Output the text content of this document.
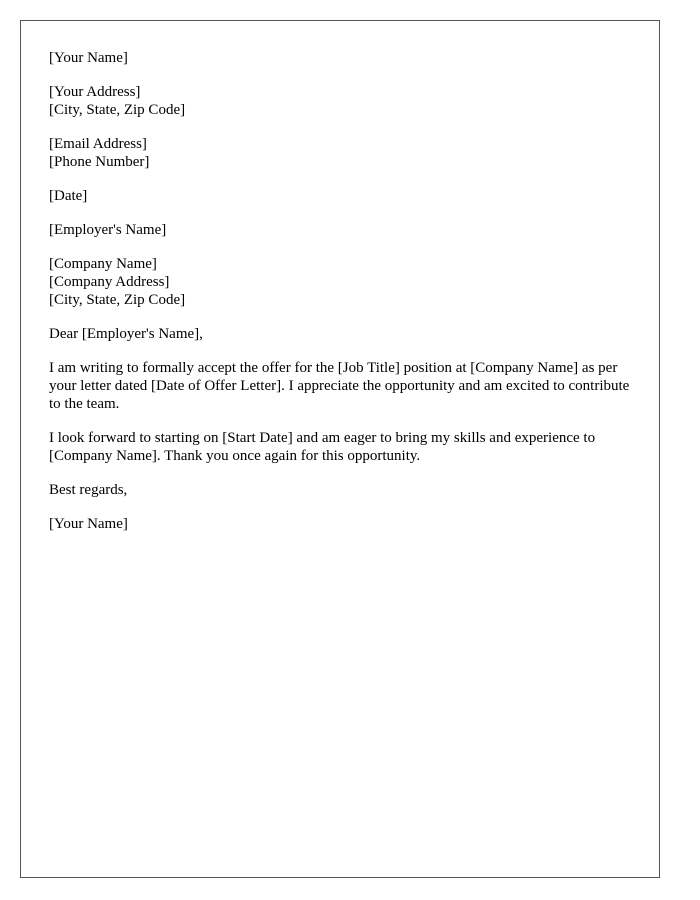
[Your Name]
[Your Address]
[City, State, Zip Code]
[Email Address]
[Phone Number]
[Date]
[Employer's Name]
[Company Name]
[Company Address]
[City, State, Zip Code]
Dear [Employer's Name],

I am writing to formally accept the offer for the [Job Title] position at [Company Name] as per your letter dated [Date of Offer Letter]. I appreciate the opportunity and am excited to contribute to the team.

I look forward to starting on [Start Date] and am eager to bring my skills and experience to [Company Name]. Thank you once again for this opportunity.

Best regards,
[Your Name]
